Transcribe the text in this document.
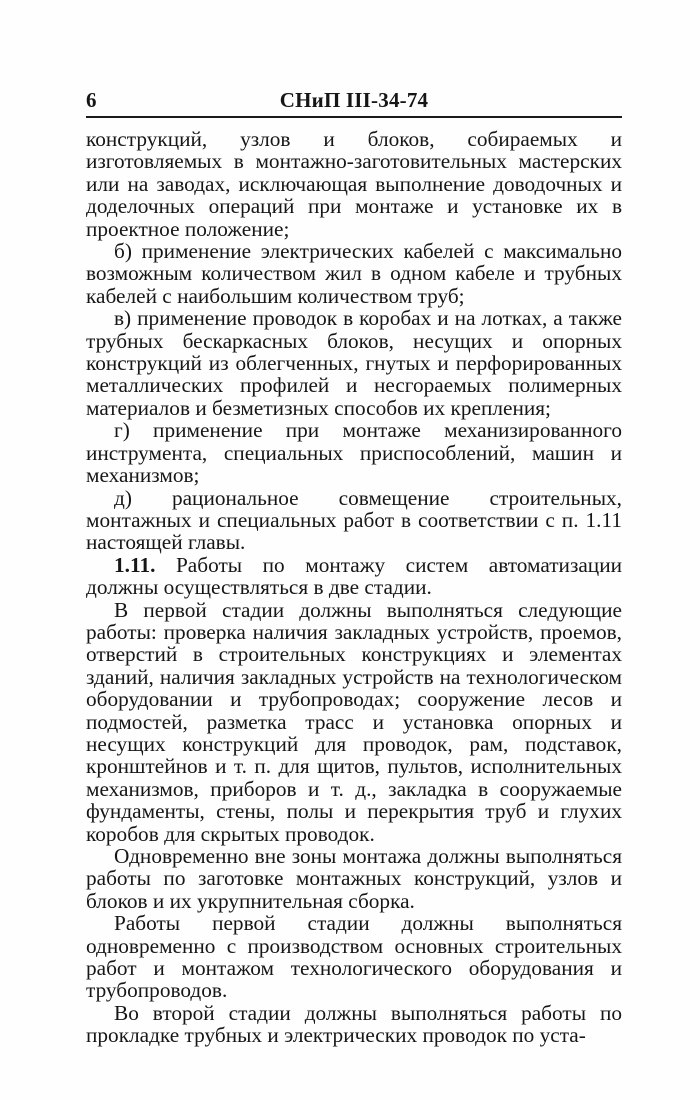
6	СНиП III-34-74

конструкций, узлов и блоков, собираемых и изготовляемых в монтажно-заготовительных мастерских или на заводах, исключающая выполнение доводочных и доделочных операций при монтаже и установке их в проектное положение;

б) применение электрических кабелей с максимально возможным количеством жил в одном кабеле и трубных кабелей с наибольшим количеством труб;

в) применение проводок в коробах и на лотках, а также трубных бескаркасных блоков, несущих и опорных конструкций из облегченных, гнутых и перфорированных металлических профилей и несгораемых полимерных материалов и безметизных способов их крепления;

г) применение при монтаже механизированного инструмента, специальных приспособлений, машин и механизмов;

д) рациональное совмещение строительных, монтажных и специальных работ в соответствии с п. 1.11 настоящей главы.

1.11. Работы по монтажу систем автоматизации должны осуществляться в две стадии.

В первой стадии должны выполняться следующие работы: проверка наличия закладных устройств, проемов, отверстий в строительных конструкциях и элементах зданий, наличия закладных устройств на технологическом оборудовании и трубопроводах; сооружение лесов и подмостей, разметка трасс и установка опорных и несущих конструкций для проводок, рам, подставок, кронштейнов и т. п. для щитов, пультов, исполнительных механизмов, приборов и т. д., закладка в сооружаемые фундаменты, стены, полы и перекрытия труб и глухих коробов для скрытых проводок.

Одновременно вне зоны монтажа должны выполняться работы по заготовке монтажных конструкций, узлов и блоков и их укрупнительная сборка.

Работы первой стадии должны выполняться одновременно с производством основных строительных работ и монтажом технологического оборудования и трубопроводов.

Во второй стадии должны выполняться работы по прокладке трубных и электрических проводок по уста-
